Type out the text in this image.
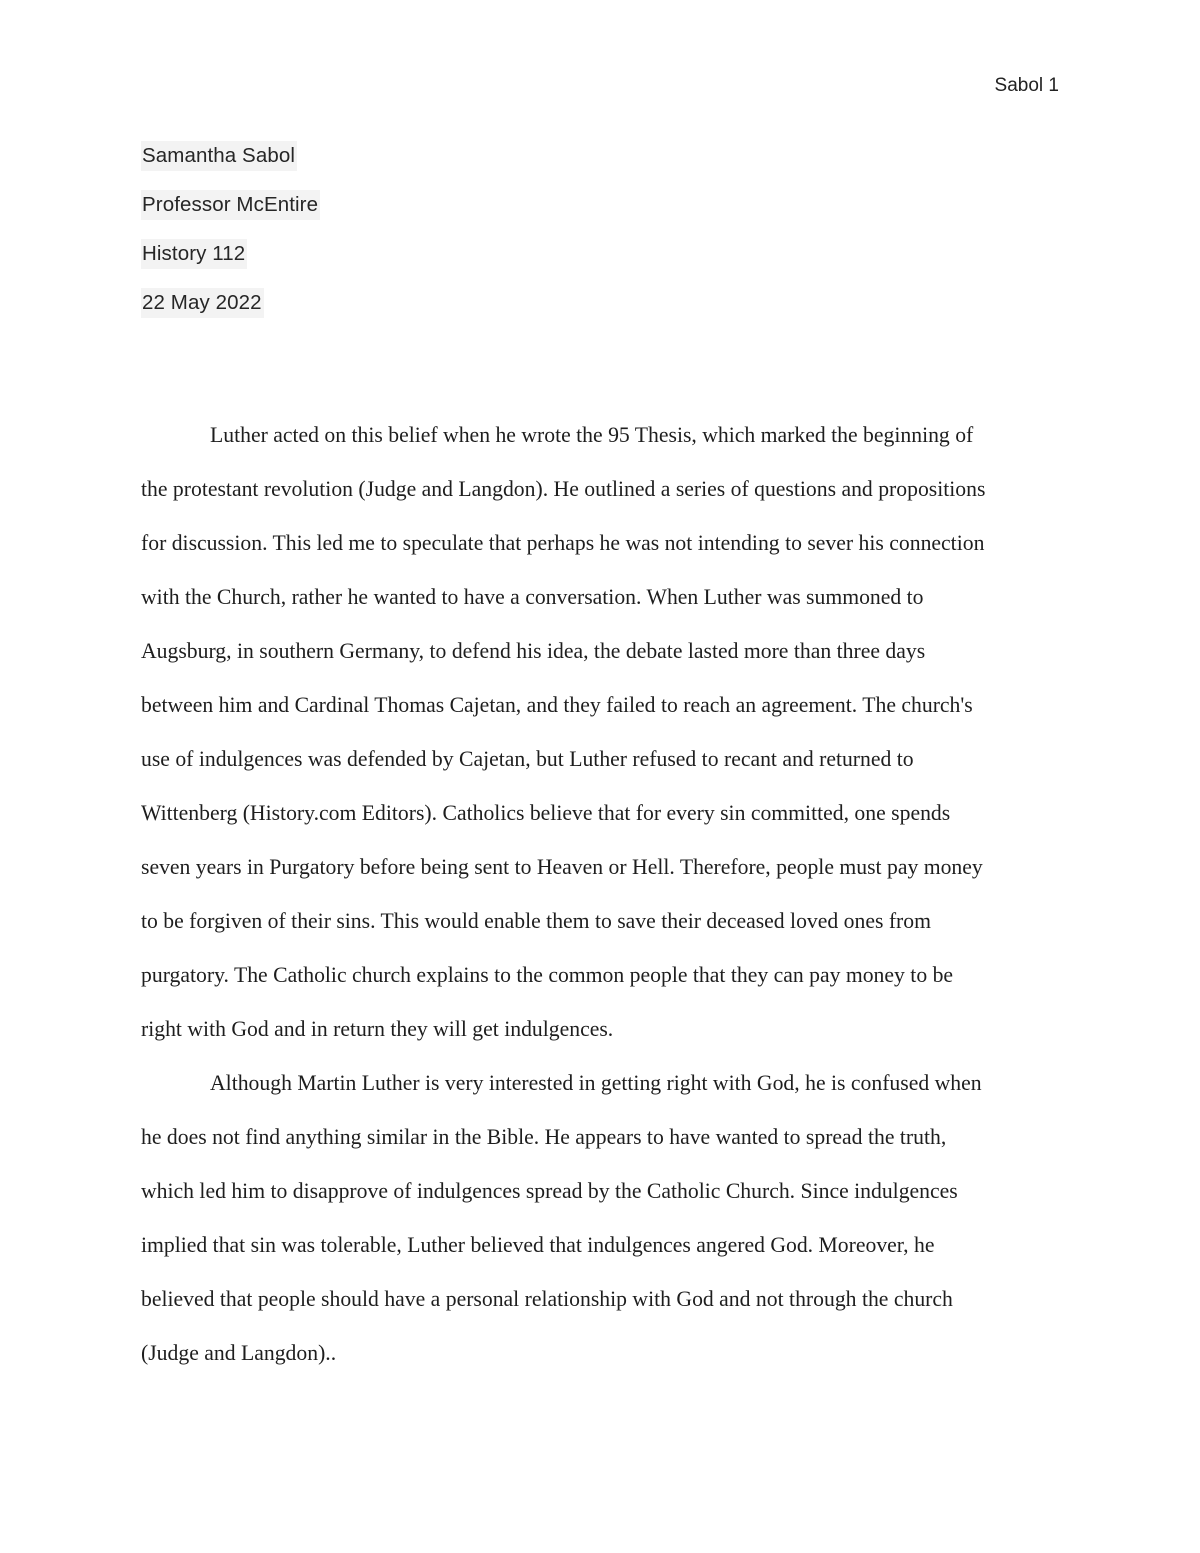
Sabol 1
Samantha Sabol
Professor McEntire
History 112
22 May 2022
Luther acted on this belief when he wrote the 95 Thesis, which marked the beginning of
the protestant revolution (Judge and Langdon). He outlined a series of questions and propositions
for discussion. This led me to speculate that perhaps he was not intending to sever his connection
with the Church, rather he wanted to have a conversation. When Luther was summoned to
Augsburg, in southern Germany, to defend his idea, the debate lasted more than three days
between him and Cardinal Thomas Cajetan, and they failed to reach an agreement. The church's
use of indulgences was defended by Cajetan, but Luther refused to recant and returned to
Wittenberg (History.com Editors). Catholics believe that for every sin committed, one spends
seven years in Purgatory before being sent to Heaven or Hell. Therefore, people must pay money
to be forgiven of their sins. This would enable them to save their deceased loved ones from
purgatory. The Catholic church explains to the common people that they can pay money to be
right with God and in return they will get indulgences.
Although Martin Luther is very interested in getting right with God, he is confused when
he does not find anything similar in the Bible. He appears to have wanted to spread the truth,
which led him to disapprove of indulgences spread by the Catholic Church. Since indulgences
implied that sin was tolerable, Luther believed that indulgences angered God. Moreover, he
believed that people should have a personal relationship with God and not through the church
(Judge and Langdon)..
